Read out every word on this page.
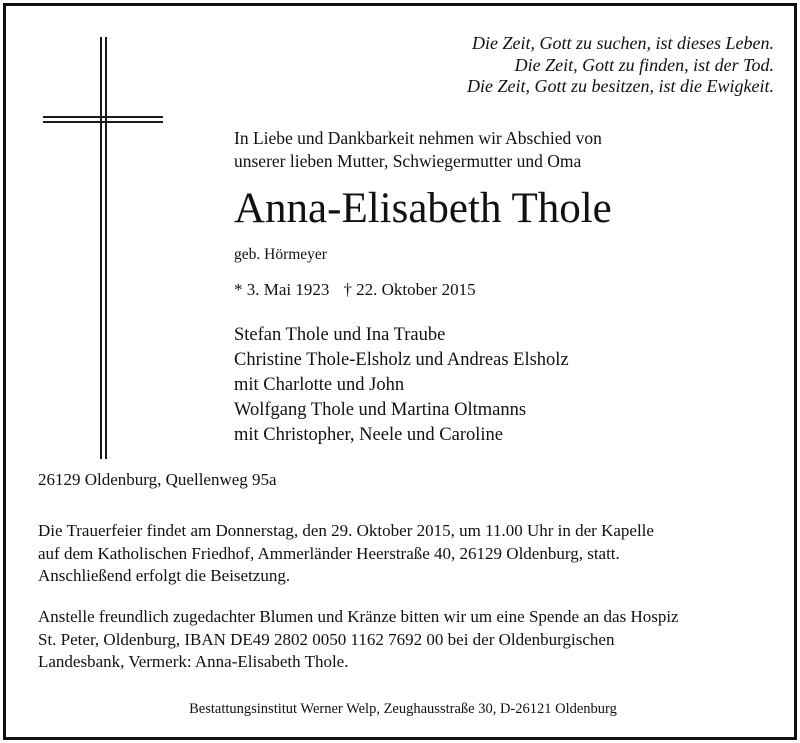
Die Zeit, Gott zu suchen, ist dieses Leben.
Die Zeit, Gott zu finden, ist der Tod.
Die Zeit, Gott zu besitzen, ist die Ewigkeit.
In Liebe und Dankbarkeit nehmen wir Abschied von
unserer lieben Mutter, Schwiegermutter und Oma
Anna-Elisabeth Thole
geb. Hörmeyer
* 3. Mai 1923 † 22. Oktober 2015
Stefan Thole und Ina Traube
Christine Thole-Elsholz und Andreas Elsholz
mit Charlotte und John
Wolfgang Thole und Martina Oltmanns
mit Christopher, Neele und Caroline
26129 Oldenburg, Quellenweg 95a
Die Trauerfeier findet am Donnerstag, den 29. Oktober 2015, um 11.00 Uhr in der Kapelle
auf dem Katholischen Friedhof, Ammerländer Heerstraße 40, 26129 Oldenburg, statt.
Anschließend erfolgt die Beisetzung.
Anstelle freundlich zugedachter Blumen und Kränze bitten wir um eine Spende an das Hospiz
St. Peter, Oldenburg, IBAN DE49 2802 0050 1162 7692 00 bei der Oldenburgischen
Landesbank, Vermerk: Anna-Elisabeth Thole.
Bestattungsinstitut Werner Welp, Zeughausstraße 30, D-26121 Oldenburg
